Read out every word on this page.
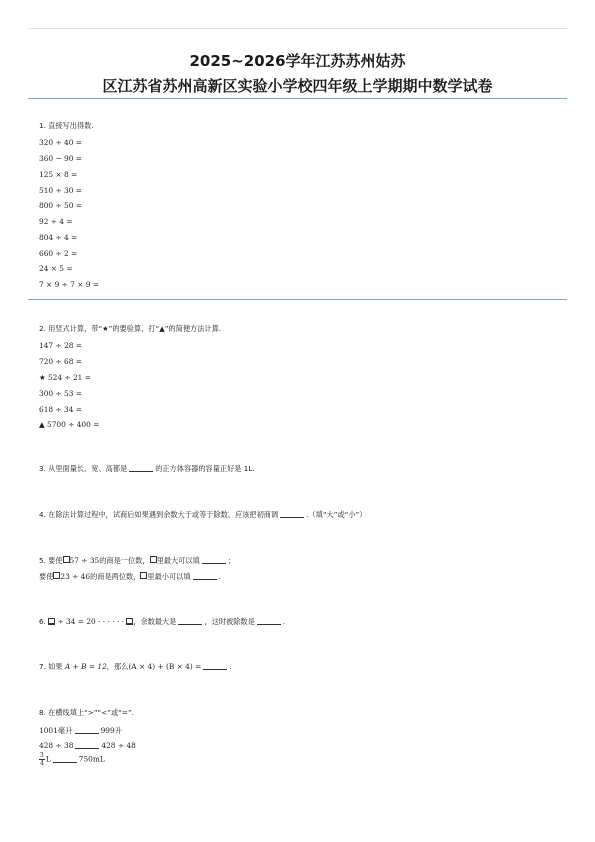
2025~2026学年江苏苏州姑苏
区江苏省苏州高新区实验小学校四年级上学期期中数学试卷
1. 直接写出得数.
320 ÷ 40 =
360 − 90 =
125 × 8 =
510 ÷ 30 =
800 ÷ 50 =
92 ÷ 4 =
804 ÷ 4 =
660 ÷ 2 =
24 × 5 =
7 × 9 ÷ 7 × 9 =
2. 用竖式计算，带“★”的要验算，打“▲”的简便方法计算.
147 ÷ 28 =
720 ÷ 68 =
★ 524 ÷ 21 =
300 ÷ 53 =
618 ÷ 34 =
▲ 5700 ÷ 400 =
3. 从里面量长、宽、高都是	的正方体容器的容量正好是 1L.
4. 在除法计算过程中，试商后如果遇到余数大于或等于除数，应该把初商调	.（填“大”或“小”）
5. 要使 57 ÷ 35的商是一位数， 里最大可以填	；
要使 23 ÷ 46的商是两位数， 里最小可以填	.
6.
÷ 34 = 20 · · · · · ·
，余数最大是	，这时被除数是	.
7. 如果 A + B = 12，那么(A × 4) + (B × 4) =	.
8. 在横线填上“>”“<”或“=”.
1001毫升	999升
428 ÷ 38	428 ÷ 48
$\frac{3}{4}$ L	750mL
